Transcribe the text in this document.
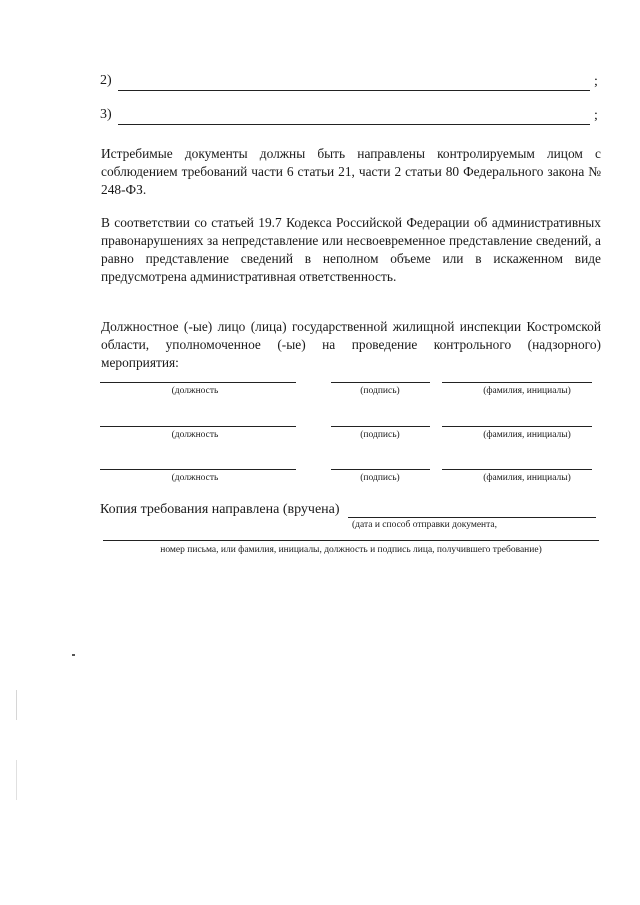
2)	;
3)	;

Истребимые документы должны быть направлены контролируемым лицом с соблюдением требований части 6 статьи 21, части 2 статьи 80 Федерального закона № 248-ФЗ.

В соответствии со статьей 19.7 Кодекса Российской Федерации об административных правонарушениях за непредставление или несвоевременное представление сведений, а равно представление сведений в неполном объеме или в искаженном виде предусмотрена административная ответственность.

Должностное (-ые) лицо (лица) государственной жилищной инспекции Костромской области, уполномоченное (-ые) на проведение контрольного (надзорного) мероприятия:

(должность	(подпись)	(фамилия, инициалы)
(должность	(подпись)	(фамилия, инициалы)
(должность	(подпись)	(фамилия, инициалы)
Копия требования направлена (вручена)
(дата и способ отправки документа,
номер письма, или фамилия, инициалы, должность и подпись лица, получившего требование)
